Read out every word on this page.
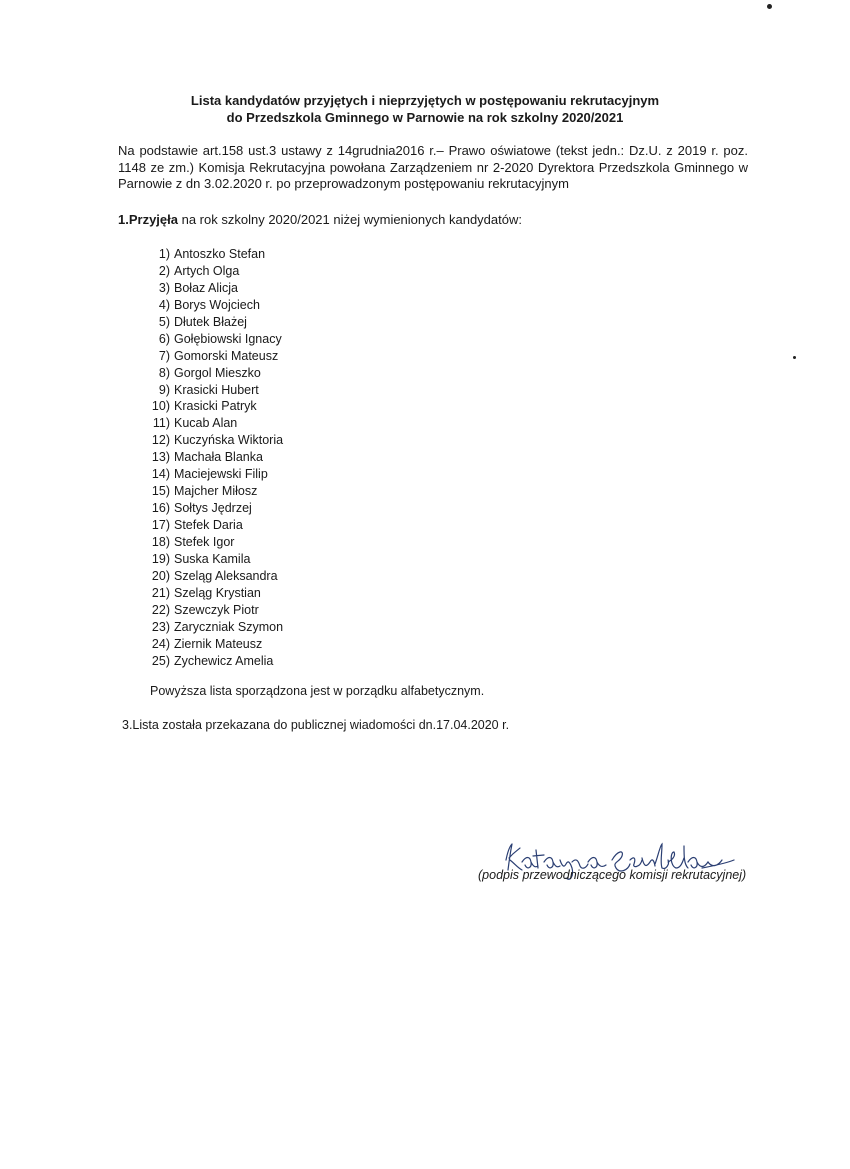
Lista kandydatów przyjętych i nieprzyjętych w postępowaniu rekrutacyjnym
do Przedszkola Gminnego w Parnowie na rok szkolny 2020/2021
Na podstawie art.158 ust.3 ustawy z 14grudnia2016 r.– Prawo oświatowe (tekst jedn.: Dz.U. z 2019 r. poz. 1148 ze zm.) Komisja Rekrutacyjna powołana Zarządzeniem nr 2-2020 Dyrektora Przedszkola Gminnego w Parnowie z dn 3.02.2020 r. po przeprowadzonym postępowaniu rekrutacyjnym
1.Przyjęła na rok szkolny 2020/2021 niżej wymienionych kandydatów:
1) Antoszko Stefan
2) Artych Olga
3) Bołaz Alicja
4) Borys Wojciech
5) Dłutek Błażej
6) Gołębiowski Ignacy
7) Gomorski Mateusz
8) Gorgol Mieszko
9) Krasicki Hubert
10) Krasicki Patryk
11) Kucab Alan
12) Kuczyńska Wiktoria
13) Machała Blanka
14) Maciejewski Filip
15) Majcher Miłosz
16) Sołtys Jędrzej
17) Stefek Daria
18) Stefek Igor
19) Suska Kamila
20) Szeląg Aleksandra
21) Szeląg Krystian
22) Szewczyk Piotr
23) Zaryczniak Szymon
24) Ziernik Mateusz
25) Zychewicz Amelia
Powyższa lista sporządzona jest w porządku alfabetycznym.
3.Lista została przekazana do publicznej wiadomości dn.17.04.2020 r.
(podpis przewodniczącego komisji rekrutacyjnej)
